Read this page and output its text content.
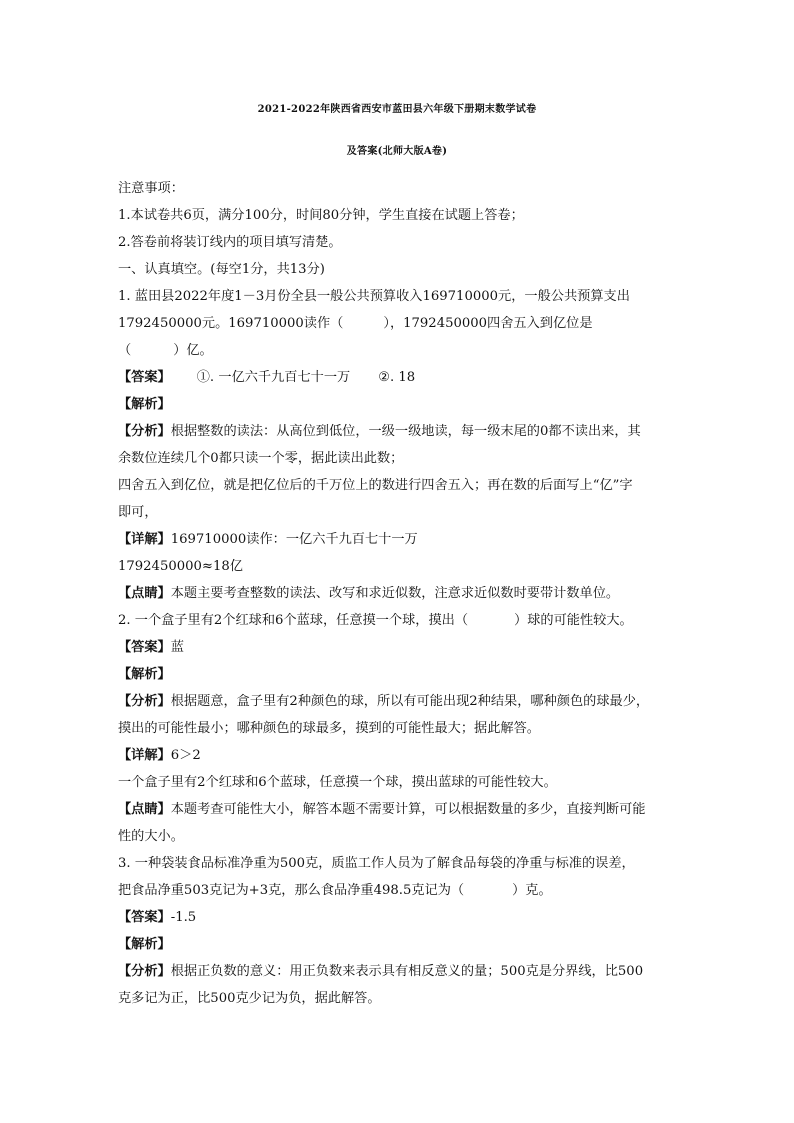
2021-2022年陕西省西安市蓝田县六年级下册期末数学试卷
及答案(北师大版A卷)
注意事项：
1.本试卷共6页，满分100分，时间80分钟，学生直接在试题上答卷；
2.答卷前将装订线内的项目填写清楚。
一、认真填空。(每空1分，共13分)
1. 蓝田县2022年度1－3月份全县一般公共预算收入169710000元，一般公共预算支出
1792450000元。169710000读作（	），1792450000四舍五入到亿位是
（	）亿。
【答案】 ①. 一亿六千九百七十一万 ②. 18
【解析】
【分析】根据整数的读法：从高位到低位，一级一级地读，每一级末尾的0都不读出来，其
余数位连续几个0都只读一个零，据此读出此数；
四舍五入到亿位，就是把亿位后的千万位上的数进行四舍五入；再在数的后面写上“亿”字
即可，
【详解】169710000读作：一亿六千九百七十一万
1792450000≈18亿
【点睛】本题主要考查整数的读法、改写和求近似数，注意求近似数时要带计数单位。
2. 一个盒子里有2个红球和6个蓝球，任意摸一个球，摸出（	）球的可能性较大。
【答案】蓝
【解析】
【分析】根据题意，盒子里有2种颜色的球，所以有可能出现2种结果，哪种颜色的球最少，
摸出的可能性最小；哪种颜色的球最多，摸到的可能性最大；据此解答。
【详解】6＞2
一个盒子里有2个红球和6个蓝球，任意摸一个球，摸出蓝球的可能性较大。
【点睛】本题考查可能性大小，解答本题不需要计算，可以根据数量的多少，直接判断可能
性的大小。
3. 一种袋装食品标准净重为500克，质监工作人员为了解食品每袋的净重与标准的误差，
把食品净重503克记为+3克，那么食品净重498.5克记为（	）克。
【答案】-1.5
【解析】
【分析】根据正负数的意义：用正负数来表示具有相反意义的量；500克是分界线，比500
克多记为正，比500克少记为负，据此解答。
